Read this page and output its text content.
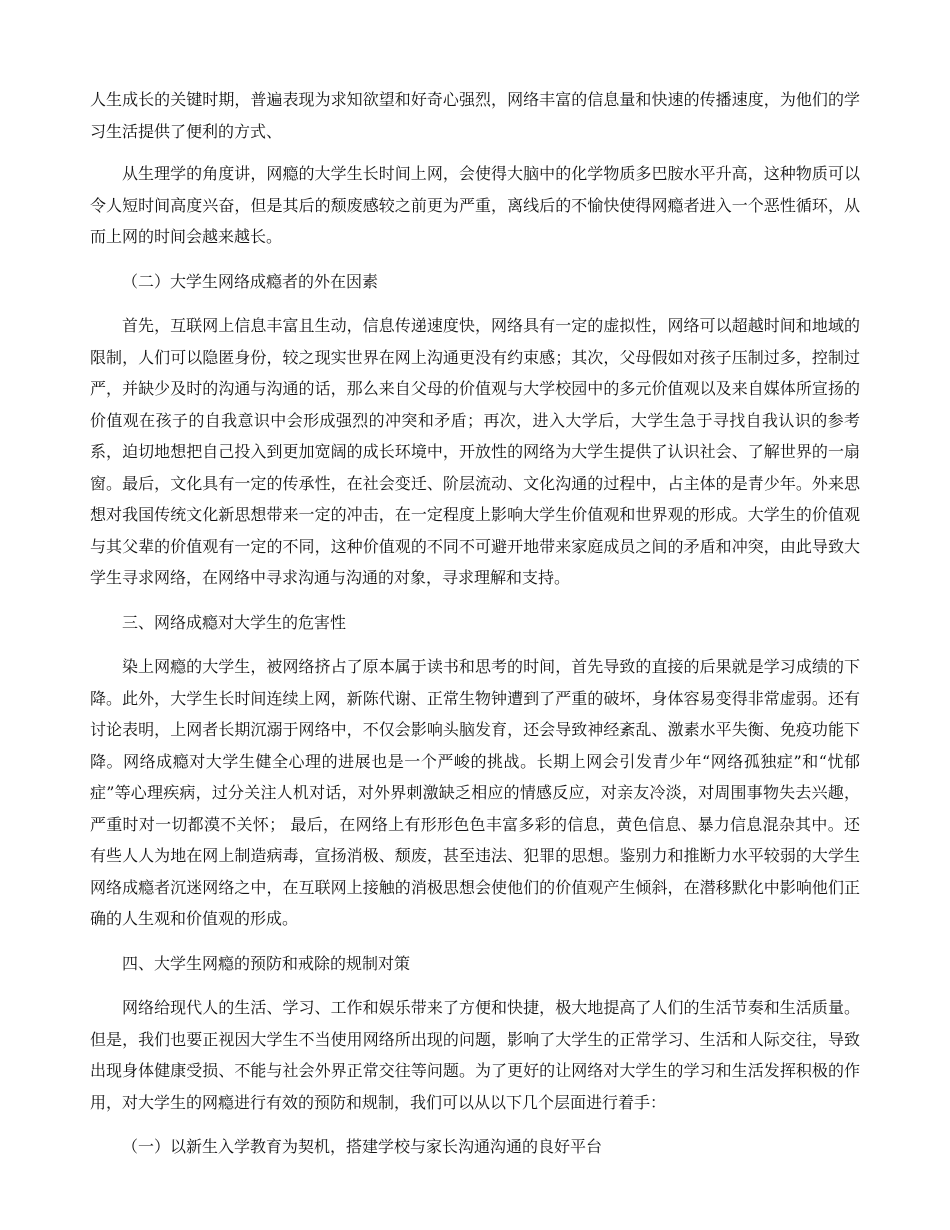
人生成长的关键时期，普遍表现为求知欲望和好奇心强烈，网络丰富的信息量和快速的传播速度，为他们的学习生活提供了便利的方式、

从生理学的角度讲，网瘾的大学生长时间上网，会使得大脑中的化学物质多巴胺水平升高，这种物质可以令人短时间高度兴奋，但是其后的颓废感较之前更为严重，离线后的不愉快使得网瘾者进入一个恶性循环，从而上网的时间会越来越长。

（二）大学生网络成瘾者的外在因素

首先，互联网上信息丰富且生动，信息传递速度快，网络具有一定的虚拟性，网络可以超越时间和地域的限制，人们可以隐匿身份，较之现实世界在网上沟通更没有约束感；其次，父母假如对孩子压制过多，控制过严，并缺少及时的沟通与沟通的话，那么来自父母的价值观与大学校园中的多元价值观以及来自媒体所宣扬的价值观在孩子的自我意识中会形成强烈的冲突和矛盾；再次，进入大学后，大学生急于寻找自我认识的参考系，迫切地想把自己投入到更加宽阔的成长环境中，开放性的网络为大学生提供了认识社会、了解世界的一扇窗。最后，文化具有一定的传承性，在社会变迁、阶层流动、文化沟通的过程中，占主体的是青少年。外来思想对我国传统文化新思想带来一定的冲击，在一定程度上影响大学生价值观和世界观的形成。大学生的价值观与其父辈的价值观有一定的不同，这种价值观的不同不可避开地带来家庭成员之间的矛盾和冲突，由此导致大学生寻求网络，在网络中寻求沟通与沟通的对象，寻求理解和支持。

三、网络成瘾对大学生的危害性

染上网瘾的大学生，被网络挤占了原本属于读书和思考的时间，首先导致的直接的后果就是学习成绩的下降。此外，大学生长时间连续上网，新陈代谢、正常生物钟遭到了严重的破坏，身体容易变得非常虚弱。还有讨论表明，上网者长期沉溺于网络中，不仅会影响头脑发育，还会导致神经紊乱、激素水平失衡、免疫功能下降。网络成瘾对大学生健全心理的进展也是一个严峻的挑战。长期上网会引发青少年“网络孤独症”和“忧郁症”等心理疾病，过分关注人机对话，对外界刺激缺乏相应的情感反应，对亲友冷淡，对周围事物失去兴趣，严重时对一切都漠不关怀； 最后，在网络上有形形色色丰富多彩的信息，黄色信息、暴力信息混杂其中。还有些人人为地在网上制造病毒，宣扬消极、颓废，甚至违法、犯罪的思想。鉴别力和推断力水平较弱的大学生网络成瘾者沉迷网络之中，在互联网上接触的消极思想会使他们的价值观产生倾斜，在潜移默化中影响他们正确的人生观和价值观的形成。

四、大学生网瘾的预防和戒除的规制对策

网络给现代人的生活、学习、工作和娱乐带来了方便和快捷，极大地提高了人们的生活节奏和生活质量。但是，我们也要正视因大学生不当使用网络所出现的问题，影响了大学生的正常学习、生活和人际交往，导致出现身体健康受损、不能与社会外界正常交往等问题。为了更好的让网络对大学生的学习和生活发挥积极的作用，对大学生的网瘾进行有效的预防和规制，我们可以从以下几个层面进行着手：

（一）以新生入学教育为契机，搭建学校与家长沟通沟通的良好平台
